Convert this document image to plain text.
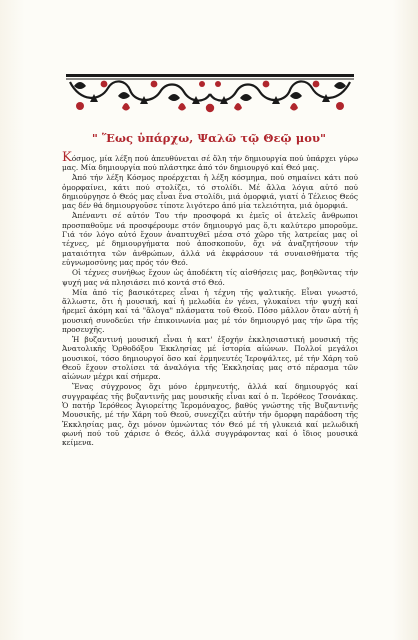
" Ἕως ὑπάρχω, Ψαλῶ τῷ Θεῷ μου"

Κόσμος, μία λέξη πού ἀπευθύνεται σέ ὅλη τήν δημιουργία πού ὑπάρχει γύρω μας. Μία δημιουργία πού πλάστηκε ἀπό τόν δημιουργό καί Θεό μας.

Ἀπό τήν λέξη Κόσμος προέρχεται ἡ λέξη κόσμημα, πού σημαίνει κάτι πού ὀμορφαίνει, κάτι πού στολίζει, τό στολίδι. Μέ ἄλλα λόγια αὐτό πού δημιούργησε ὁ Θεός μας εἶναι ἕνα στολίδι, μιά ὀμορφιά, γιατί ὁ Τέλειος Θεός μας δέν θά δημιουργοῦσε τίποτε λιγότερο ἀπό μία τελειότητα, μιά ὀμορφιά.

Ἀπέναντι σέ αὐτόν Του τήν προσφορά κι ἐμεῖς οἱ ἀτελεῖς ἄνθρωποι προσπαθοῦμε νά προσφέρουμε στόν δημιουργό μας ὅ,τι καλύτερο μποροῦμε. Γιά τόν λόγο αὐτό ἔχουν ἀναπτυχθεῖ μέσα στό χῶρο τῆς λατρείας μας οἱ τέχνες, μέ δημιουργήματα πού ἀποσκοποῦν, ὄχι νά ἀναζητήσουν τήν ματαιότητα τῶν ἀνθρώπων, ἀλλά νά ἐκφράσουν τά συναισθήματα τῆς εὐγνωμοσύνης μας πρός τόν Θεό.

Οἱ τέχνες συνήθως ἔχουν ὡς ἀποδέκτη τίς αἰσθήσεις μας, βοηθῶντας τήν ψυχή μας νά πλησιάσει πιό κοντά στό Θεό.

Μία ἀπό τίς βασικότερες εἶναι ἡ τέχνη τῆς ψαλτικῆς. Εἶναι γνωστό, ἄλλωστε, ὅτι ἡ μουσική, καί ἡ μελωδία ἐν γένει, γλυκαίνει τήν ψυχή καί ἠρεμεῖ ἀκόμη καί τά "ἄλογα" πλάσματα τοῦ Θεοῦ. Πόσο μᾶλλον ὅταν αὐτή ἡ μουσική συνοδεύει τήν ἐπικοινωνία μας μέ τόν δημιουργό μας τήν ὥρα τῆς προσευχῆς.

Ἡ βυζαντινή μουσική εἶναι ἡ κατ' ἐξοχήν ἐκκλησιαστική μουσική τῆς Ἀνατολικῆς Ὀρθοδόξου Ἐκκλησίας μέ ἱστορία αἰώνων. Πολλοί μεγάλοι μουσικοί, τόσο δημιουργοί ὅσο καί ἑρμηνευτές Ἱεροψάλτες, μέ τήν Χάρη τοῦ Θεοῦ ἔχουν στολίσει τά ἀναλόγια τῆς Ἐκκλησίας μας στό πέρασμα τῶν αἰώνων μέχρι καί σήμερα.

Ἕνας σύγχρονος ὄχι μόνο ἑρμηνευτής, ἀλλά καί δημιουργός καί συγγραφέας τῆς βυζαντινῆς μας μουσικῆς εἶναι καί ὁ π. Ἱερόθεος Τσονάκας. Ὁ πατήρ Ἱερόθεος Ἁγιορείτης Ἱερομόναχος, βαθύς γνώστης τῆς Βυζαντινῆς Μουσικῆς, μέ τήν Χάρη τοῦ Θεοῦ, συνεχίζει αὐτήν τήν ὄμορφη παράδοση τῆς Ἐκκλησίας μας, ὄχι μόνον ὑμνώντας τόν Θεό μέ τή γλυκειά καί μελωδική φωνή πού τοῦ χάρισε ὁ Θεός, ἀλλά συγγράφοντας καί ὁ ἴδιος μουσικά κείμενα.
